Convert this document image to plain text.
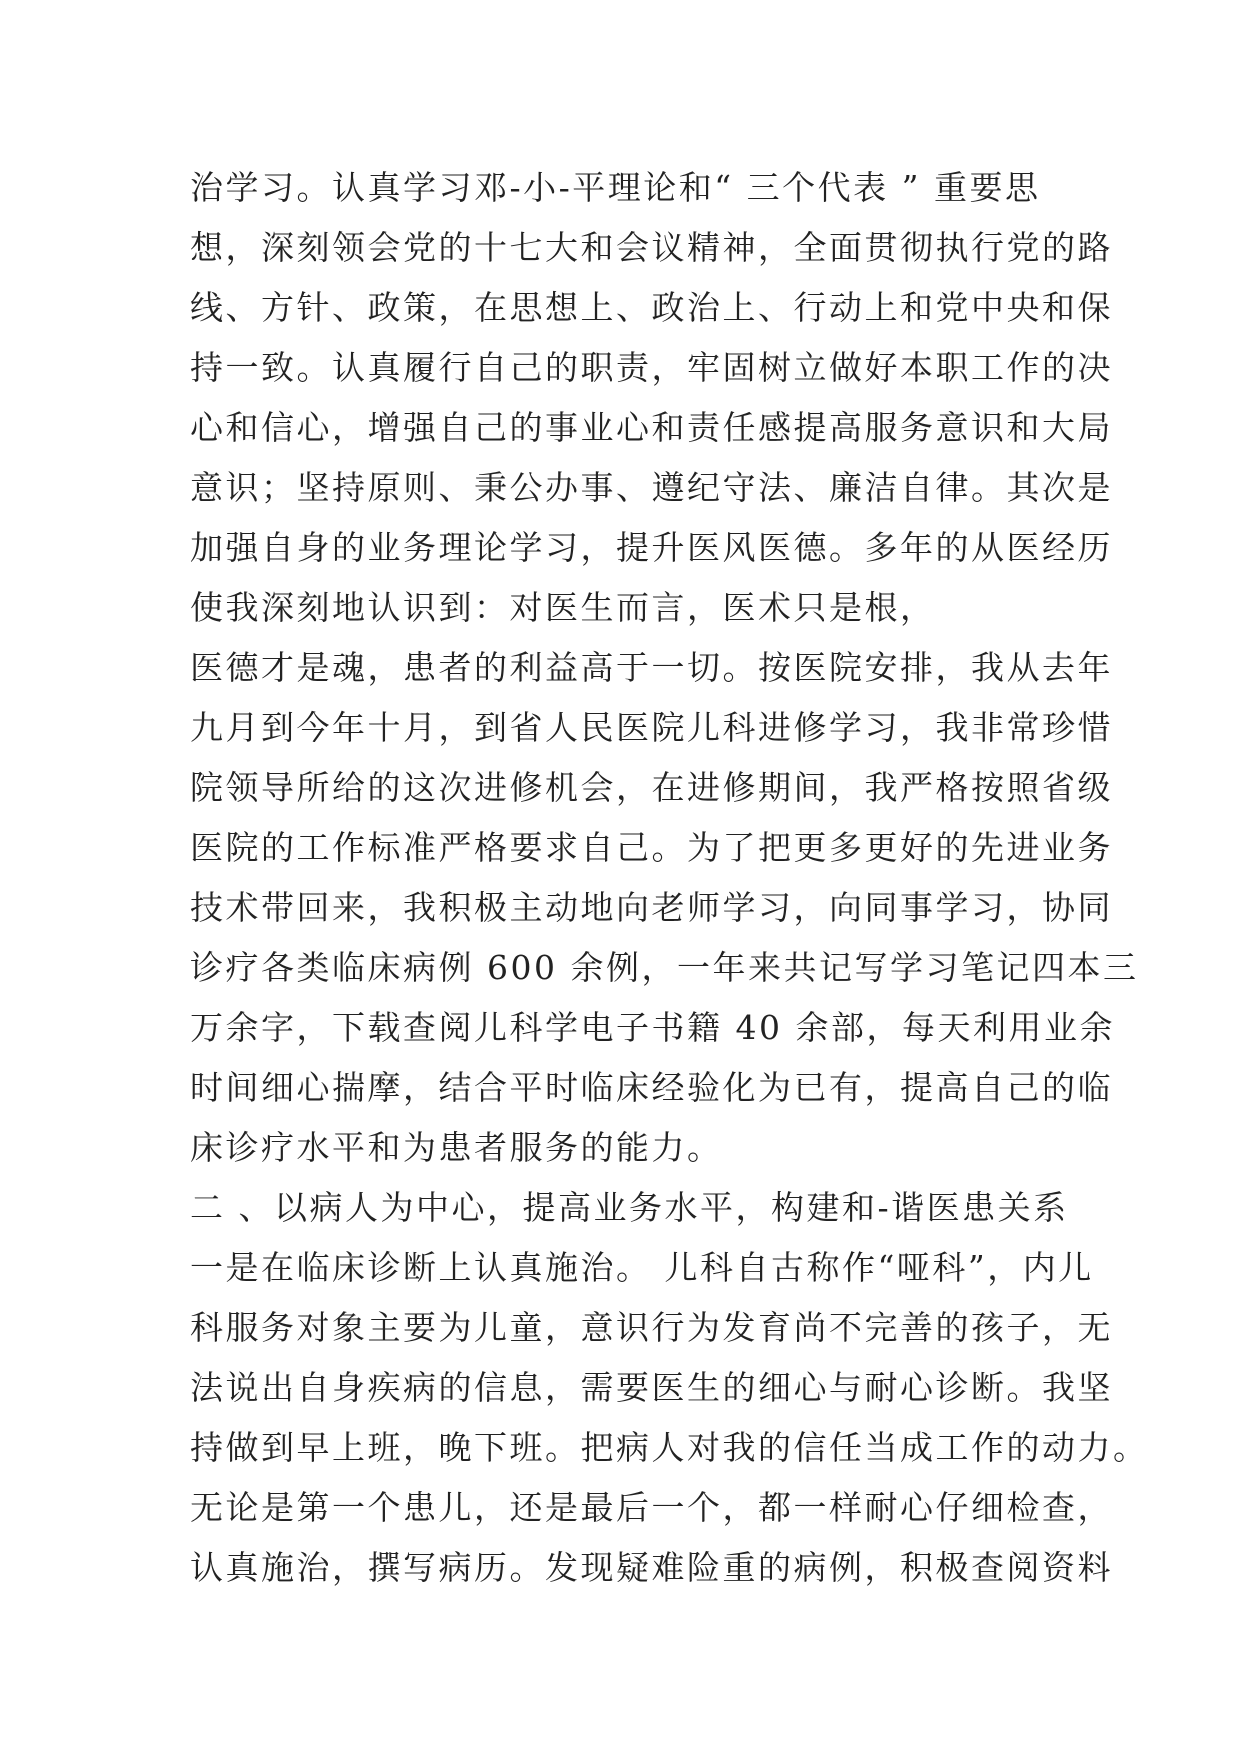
治学习。认真学习邓-小-平理论和“ 三个代表 ” 重要思
想，深刻领会党的十七大和会议精神，全面贯彻执行党的路
线、方针、政策，在思想上、政治上、行动上和党中央和保
持一致。认真履行自己的职责，牢固树立做好本职工作的决
心和信心，增强自己的事业心和责任感提高服务意识和大局
意识；坚持原则、秉公办事、遵纪守法、廉洁自律。其次是
加强自身的业务理论学习，提升医风医德。多年的从医经历
使我深刻地认识到：对医生而言，医术只是根，
医德才是魂，患者的利益高于一切。按医院安排，我从去年
九月到今年十月，到省人民医院儿科进修学习，我非常珍惜
院领导所给的这次进修机会，在进修期间，我严格按照省级
医院的工作标准严格要求自己。为了把更多更好的先进业务
技术带回来，我积极主动地向老师学习，向同事学习，协同
诊疗各类临床病例 600 余例，一年来共记写学习笔记四本三
万余字，下载查阅儿科学电子书籍 40 余部，每天利用业余
时间细心揣摩，结合平时临床经验化为已有，提高自己的临
床诊疗水平和为患者服务的能力。
二 、以病人为中心，提高业务水平，构建和-谐医患关系
一是在临床诊断上认真施治。 儿科自古称作“哑科”，内儿
科服务对象主要为儿童，意识行为发育尚不完善的孩子，无
法说出自身疾病的信息，需要医生的细心与耐心诊断。我坚
持做到早上班，晚下班。把病人对我的信任当成工作的动力。
无论是第一个患儿，还是最后一个，都一样耐心仔细检查，
认真施治，撰写病历。发现疑难险重的病例，积极查阅资料
